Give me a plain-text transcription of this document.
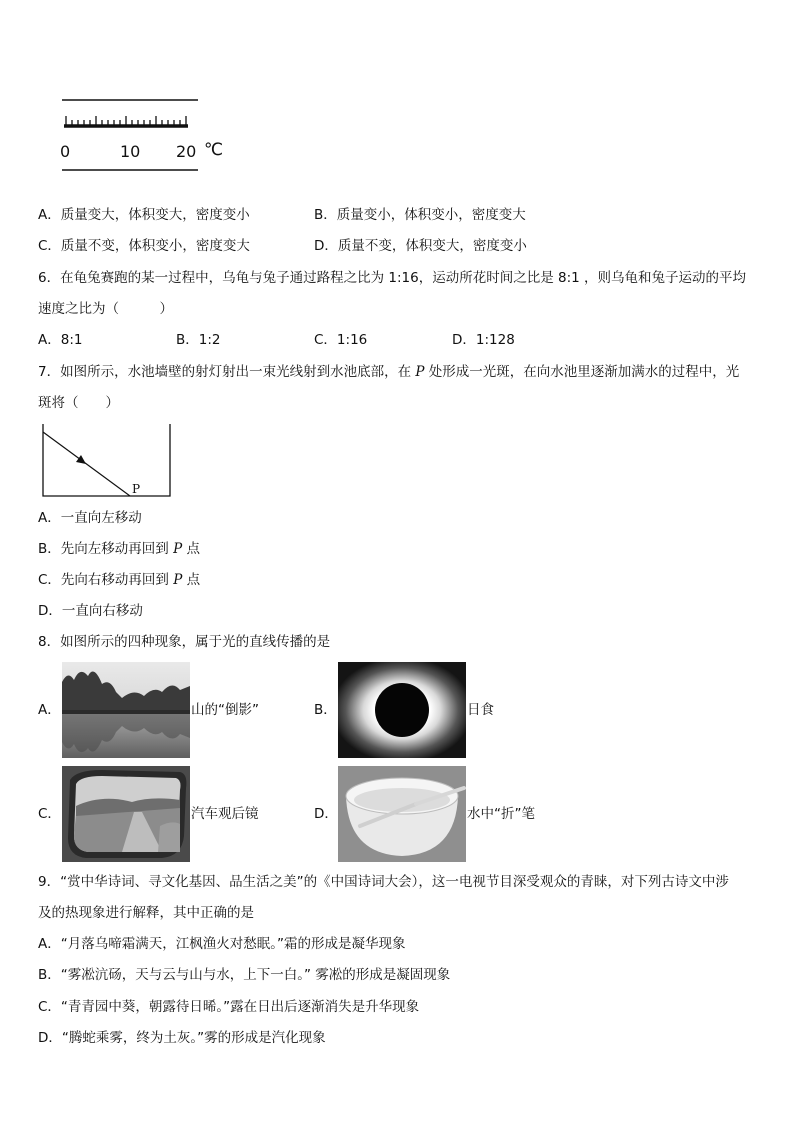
0	10 20 ℃
A．质量变大，体积变大，密度变小	B．质量变小，体积变小，密度变大
C．质量不变，体积变小，密度变大	D．质量不变，体积变大，密度变小
6．在龟兔赛跑的某一过程中，乌龟与兔子通过路程之比为 1:16，运动所花时间之比是 8:1 ，则乌龟和兔子运动的平均
速度之比为（　　　）
A．8:1	B．1:2	C．1:16	D．1:128
7．如图所示，水池墙壁的射灯射出一束光线射到水池底部，在 P 处形成一光斑，在向水池里逐渐加满水的过程中，光
斑将（　　）
P
A．一直向左移动
B．先向左移动再回到 P 点
C．先向右移动再回到 P 点
D．一直向右移动
8．如图所示的四种现象，属于光的直线传播的是
A．	山的“倒影”	B．	日食
C．	汽车观后镜	D．	水中“折”笔
9．“赏中华诗词、寻文化基因、品生活之美”的《中国诗词大会），这一电视节目深受观众的青睐，对下列古诗文中涉
及的热现象进行解释，其中正确的是
A．“月落乌啼霜满天，江枫渔火对愁眠。”霜的形成是凝华现象
B．“雾凇沆砀，天与云与山与水，上下一白。” 雾凇的形成是凝固现象
C．“青青园中葵，朝露待日晞。”露在日出后逐渐消失是升华现象
D．“腾蛇乘雾，终为土灰。”雾的形成是汽化现象
